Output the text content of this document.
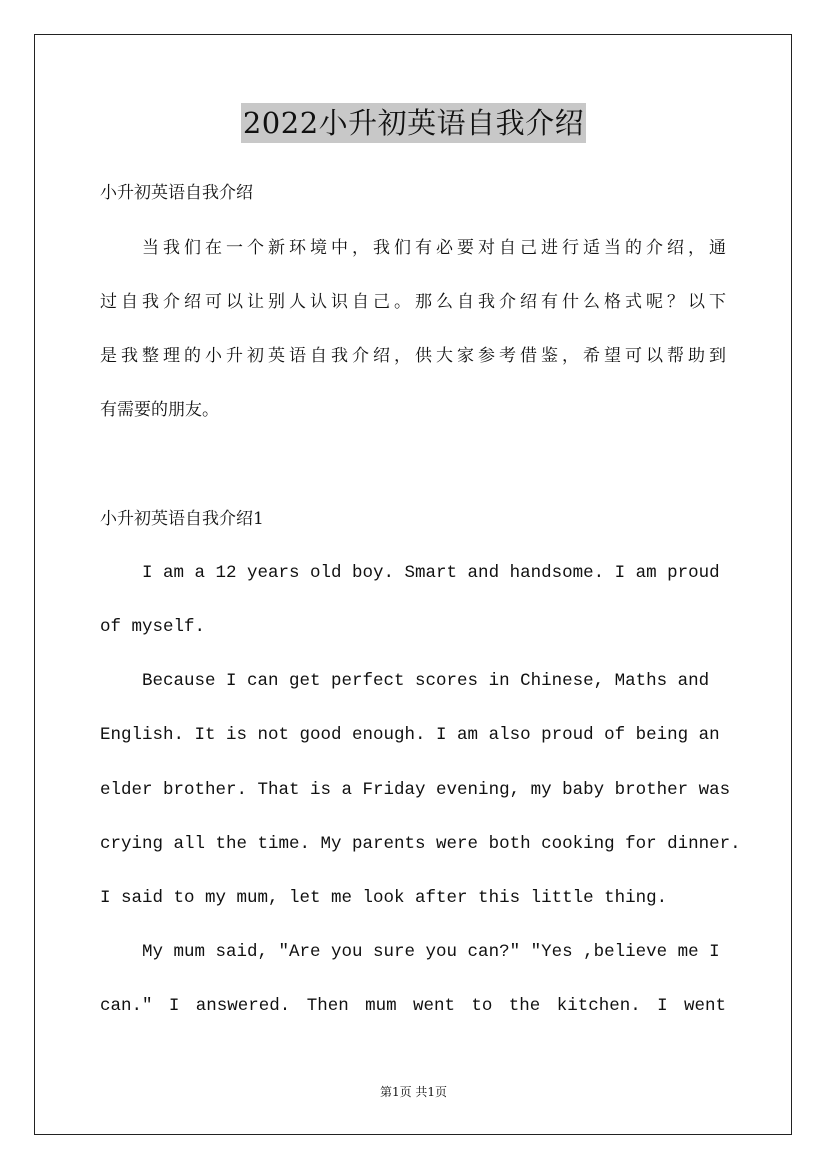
2022小升初英语自我介绍
小升初英语自我介绍
　　当我们在一个新环境中，我们有必要对自己进行适当的介绍，通
过自我介绍可以让别人认识自己。那么自我介绍有什么格式呢？以下
是我整理的小升初英语自我介绍，供大家参考借鉴，希望可以帮助到
有需要的朋友。
小升初英语自我介绍1
I am a 12 years old boy. Smart and handsome. I am proud
of myself.
Because I can get perfect scores in Chinese, Maths and
English. It is not good enough. I am also proud of being an
elder brother. That is a Friday evening, my baby brother was
crying all the time. My parents were both cooking for dinner.
I said to my mum, let me look after this little thing.
My mum said, "Are you sure you can?" "Yes ,believe me I
can." I answered. Then mum went to the kitchen. I went
第1页 共1页
